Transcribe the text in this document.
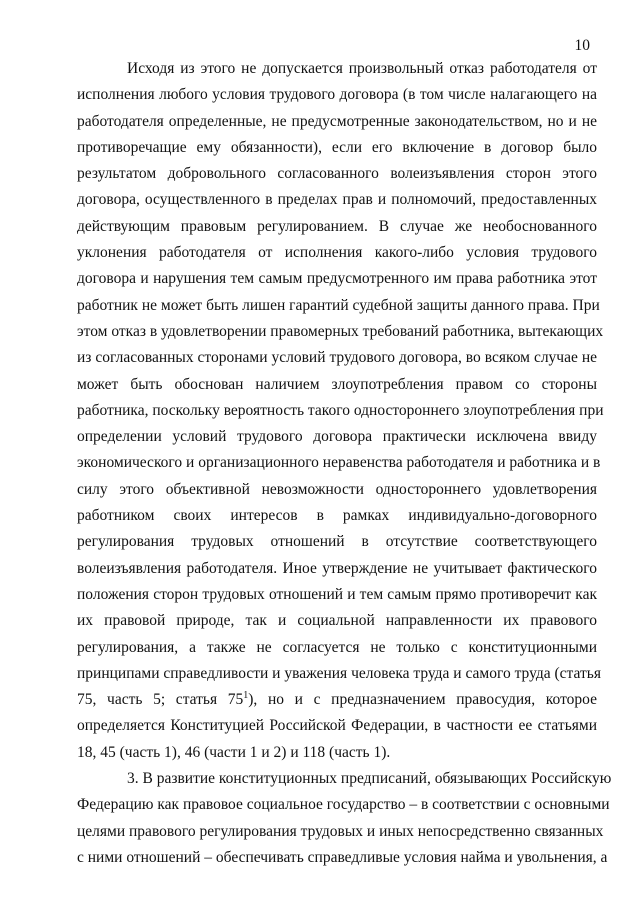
10
Исходя из этого не допускается произвольный отказ работодателя от
исполнения любого условия трудового договора (в том числе налагающего на
работодателя определенные, не предусмотренные законодательством, но и не
противоречащие ему обязанности), если его включение в договор было
результатом добровольного согласованного волеизъявления сторон этого
договора, осуществленного в пределах прав и полномочий, предоставленных
действующим правовым регулированием. В случае же необоснованного
уклонения работодателя от исполнения какого-либо условия трудового
договора и нарушения тем самым предусмотренного им права работника этот
работник не может быть лишен гарантий судебной защиты данного права. При
этом отказ в удовлетворении правомерных требований работника, вытекающих
из согласованных сторонами условий трудового договора, во всяком случае не
может быть обоснован наличием злоупотребления правом со стороны
работника, поскольку вероятность такого одностороннего злоупотребления при
определении условий трудового договора практически исключена ввиду
экономического и организационного неравенства работодателя и работника и в
силу этого объективной невозможности одностороннего удовлетворения
работником своих интересов в рамках индивидуально-договорного
регулирования трудовых отношений в отсутствие соответствующего
волеизъявления работодателя. Иное утверждение не учитывает фактического
положения сторон трудовых отношений и тем самым прямо противоречит как
их правовой природе, так и социальной направленности их правового
регулирования, а также не согласуется не только с конституционными
принципами справедливости и уважения человека труда и самого труда (статья
75, часть 5; статья $75^1$), но и с предназначением правосудия, которое
определяется Конституцией Российской Федерации, в частности ее статьями
18, 45 (часть 1), 46 (части 1 и 2) и 118 (часть 1).
3. В развитие конституционных предписаний, обязывающих Российскую
Федерацию как правовое социальное государство – в соответствии с основными
целями правового регулирования трудовых и иных непосредственно связанных
с ними отношений – обеспечивать справедливые условия найма и увольнения, а
